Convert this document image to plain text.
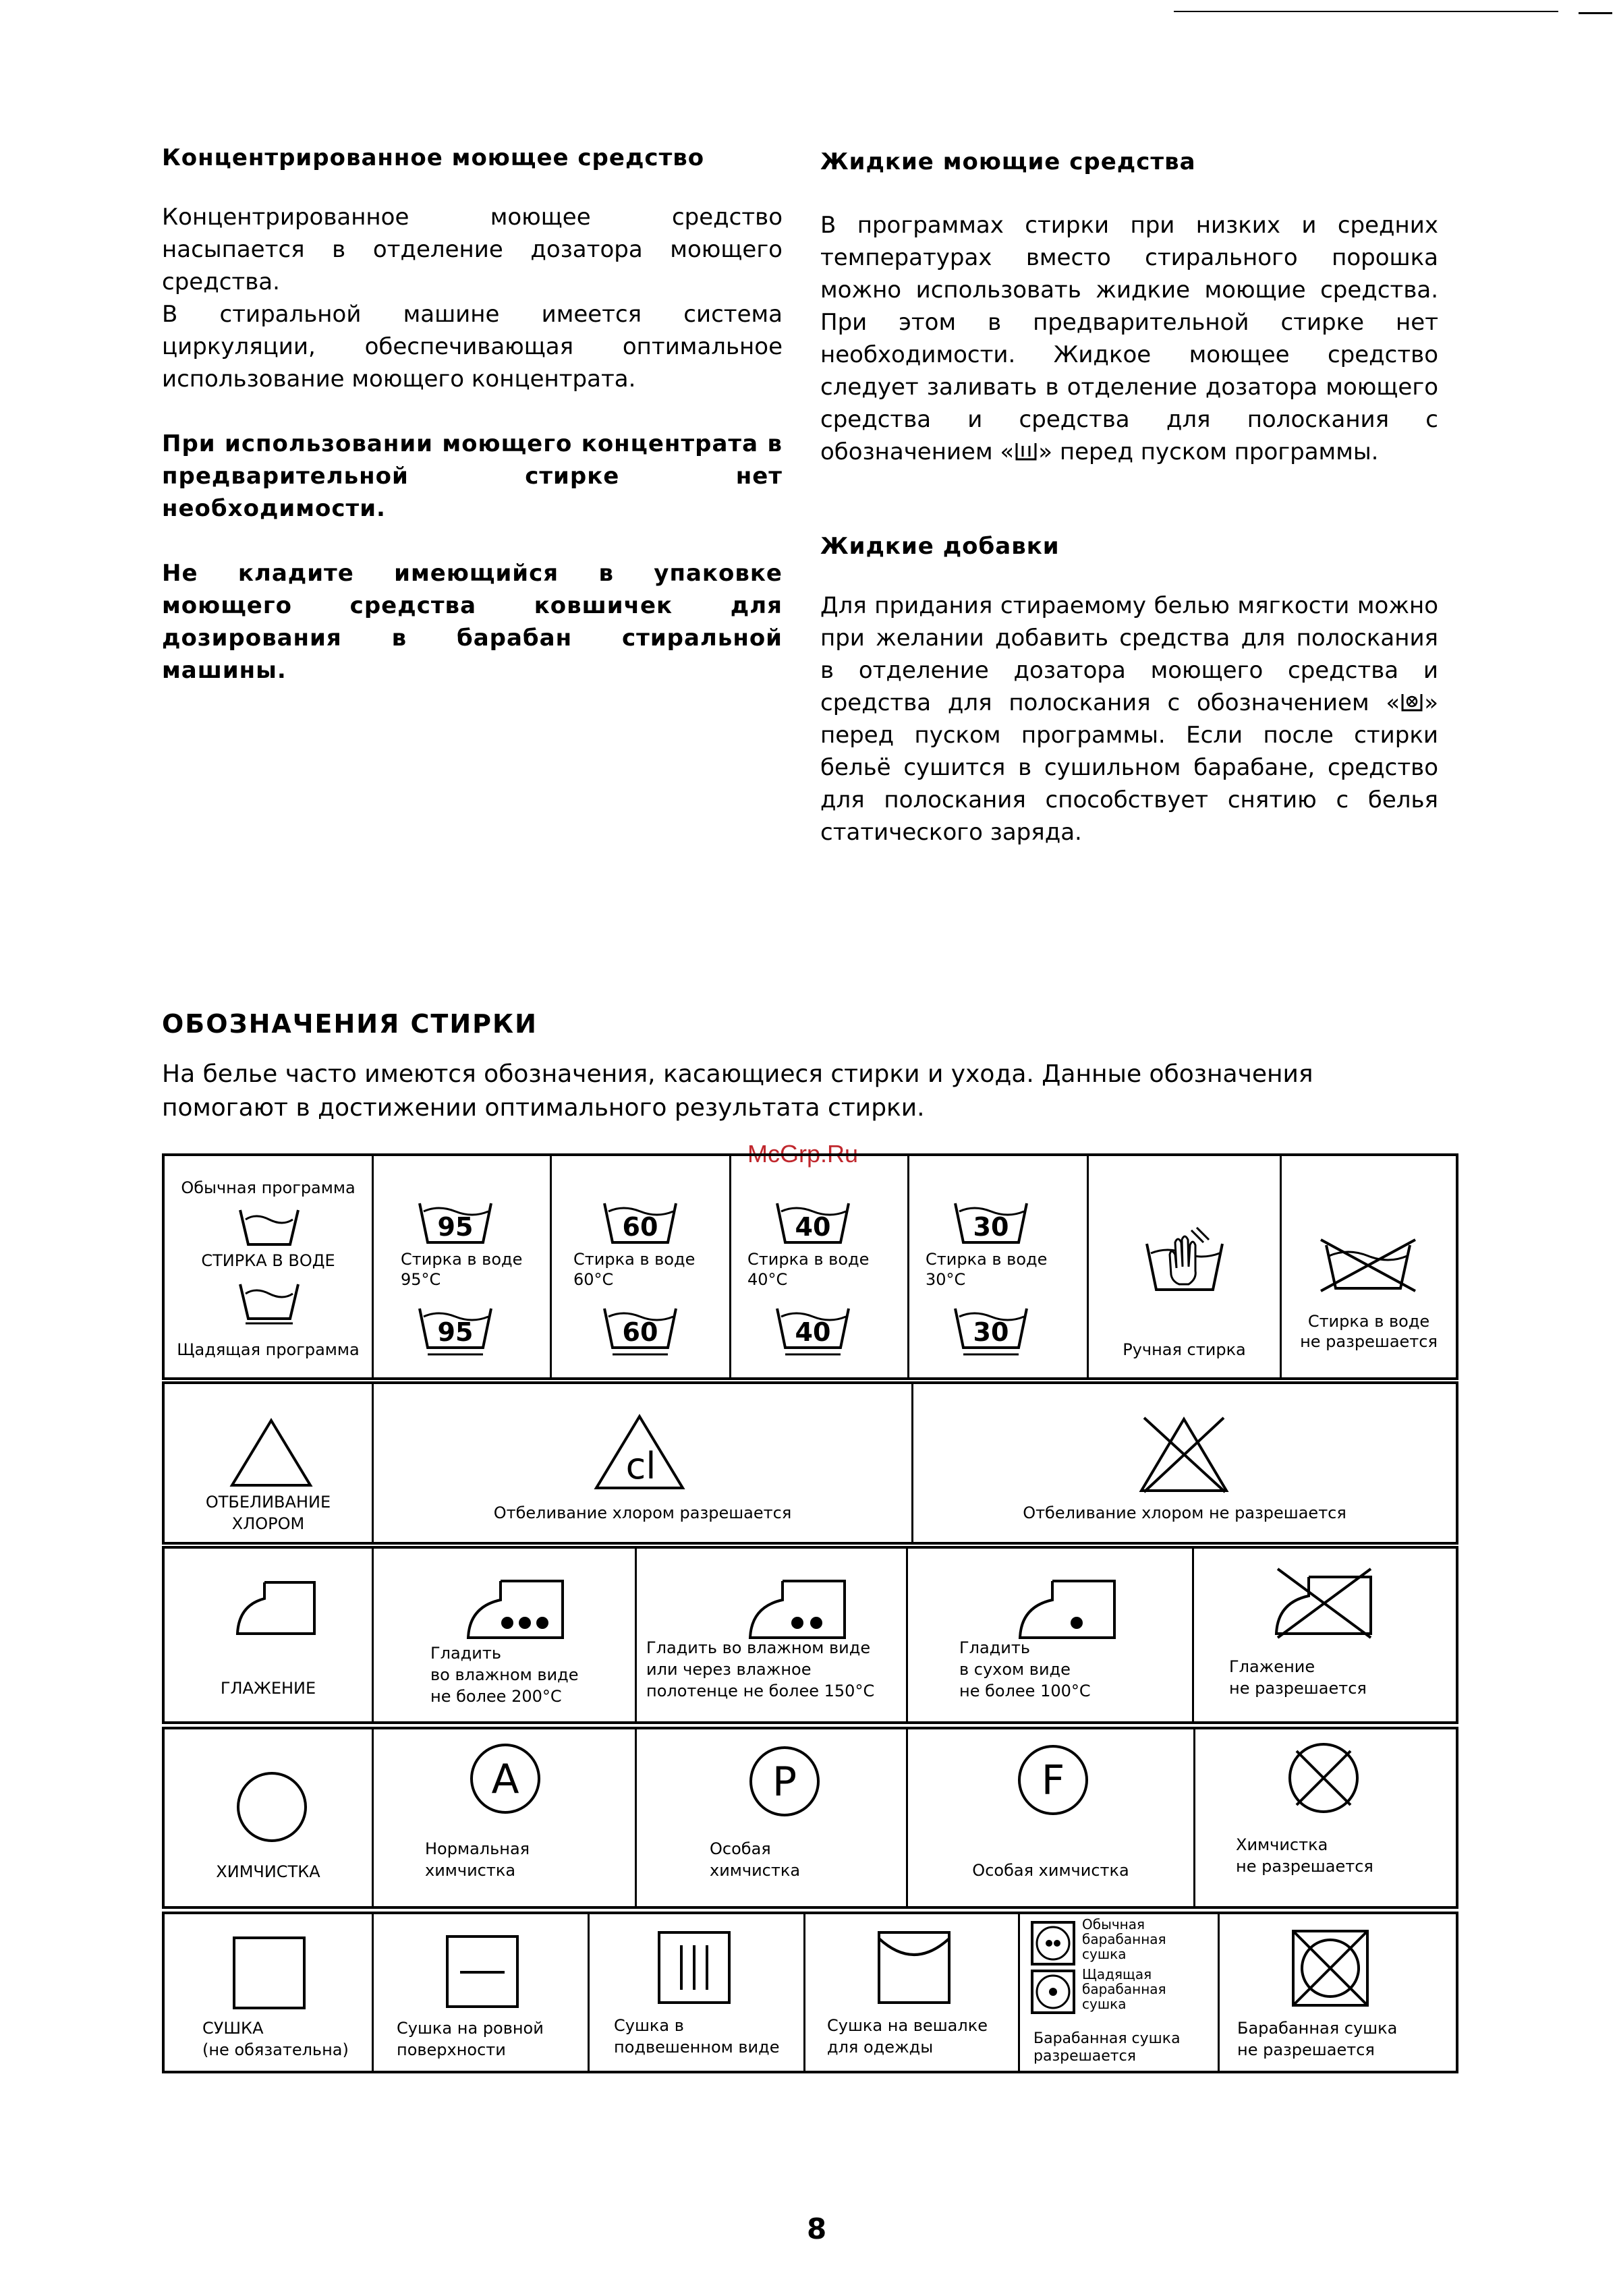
Концентрированное моющее средство

Концентрированное моющее средство насыпается в отделение дозатора моющего средства.

В стиральной машине имеется система циркуляции, обеспечивающая оптимальное использование моющего концентрата.

При использовании моющего концентрата в предварительной стирке нет необходимости.

Не кладите имеющийся в упаковке моющего средства ковшичек для дозирования в барабан стиральной машины.

Жидкие моющие средства

В программах стирки при низких и средних температурах вместо стирального порошка можно использовать жидкие моющие средства. При этом в предварительной стирке нет необходимости. Жидкое моющее средство следует заливать в отделение дозатора моющего средства и средства для полоскания с обозначением « » перед пуском программы.

Жидкие добавки

Для придания стираемому белью мягкости можно при желании добавить средства для полоскания в отделение дозатора моющего средства и средства для полоскания с обозначением « » перед пуском программы. Если после стирки бельё сушится в сушильном барабане, средство для полоскания способствует снятию с белья статического заряда.

ОБОЗНАЧЕНИЯ СТИРКИ
На белье часто имеются обозначения, касающиеся стирки и ухода. Данные обозначения помогают в достижении оптимального результата стирки.
McGrp.Ru
Обычная программа
СТИРКА В ВОДЕ
Щадящая программа
95
Стирка в воде
95°C
95
60
Стирка в воде
60°C
60
40
Стирка в воде
40°C
40
30
Стирка в воде
30°C
30
Ручная стирка
Стирка в воде
не разрешается
ОТБЕЛИВАНИЕ
ХЛОРОМ
cl
Отбеливание хлором разрешается	Отбеливание хлором не разрешается
ГЛАЖЕНИЕ
Гладить
во влажном виде
не более 200°C
Гладить во влажном виде
или через влажное
полотенце не более 150°C
Гладить
в сухом виде
не более 100°C
Глажение
не разрешается
ХИМЧИСТКА
A
Нормальная
химчистка
P
Особая
химчистка
F
Особая химчистка
Химчистка
не разрешается
СУШКА
(не обязательна)
Сушка на ровной
поверхности
Сушка в
подвешенном виде
Сушка на вешалке
для одежды
Обычная
барабанная
сушка
Щадящая
барабанная
сушка
Барабанная сушка
разрешается
Барабанная сушка
не разрешается
8
